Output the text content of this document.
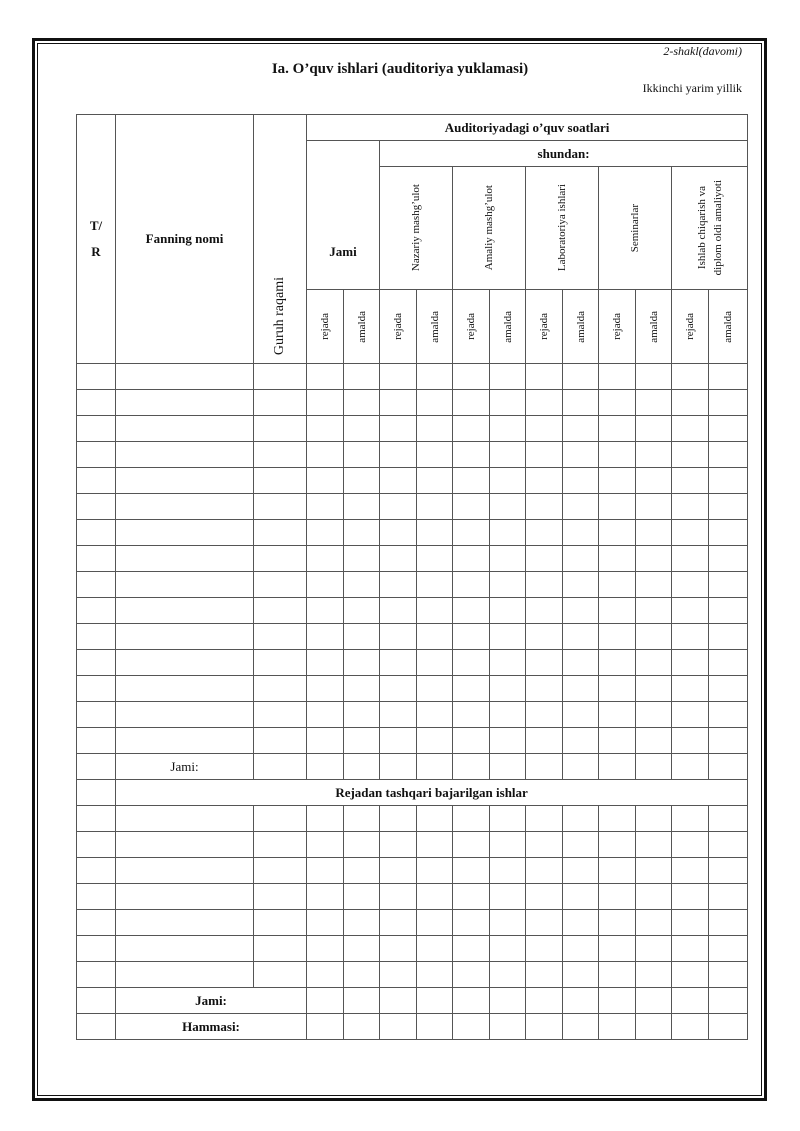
2-shakl(davomi)
Ia. O’quv ishlari (auditoriya yuklamasi)
Ikkinchi yarim yillik
T/
R	Fanning nomi	Guruh raqami	Auditoriyadagi o’quv soatlari											
			Jami		shundan:									

					Nazariy mashg’ulot		Amaliy mashg’ulot		Laboratoriya ishlari		Seminarlar		Ishlab chiqarish va diplom oldi amaliyoti	

			rejada	amalda	rejada	amalda	rejada	amalda	rejada	amalda	rejada	amalda	rejada	amalda

	Jami:													
	Rejadan tashqari bajarilgan ishlar													

	Jami:													
	Hammasi:													
